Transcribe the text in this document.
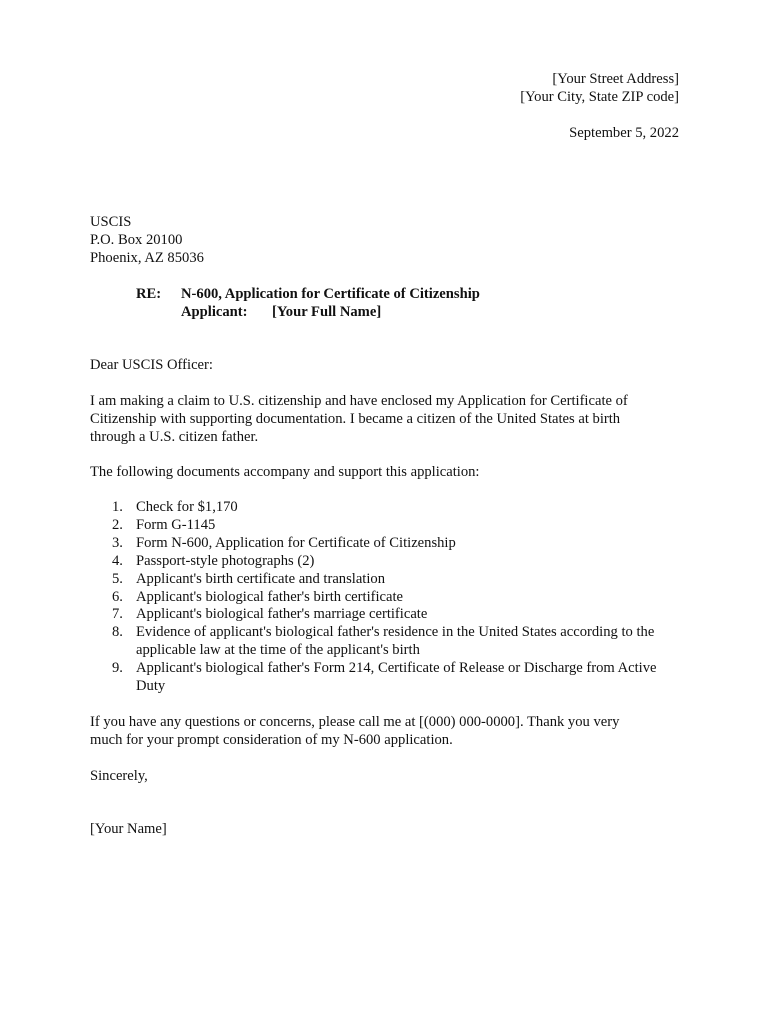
[Your Street Address]
[Your City, State ZIP code]
September 5, 2022
USCIS
P.O. Box 20100
Phoenix, AZ 85036
RE: N-600, Application for Certificate of Citizenship
Applicant: [Your Full Name]
Dear USCIS Officer:
I am making a claim to U.S. citizenship and have enclosed my Application for Certificate of
Citizenship with supporting documentation. I became a citizen of the United States at birth
through a U.S. citizen father.
The following documents accompany and support this application:
1. Check for $1,170
2. Form G-1145
3. Form N-600, Application for Certificate of Citizenship
4. Passport-style photographs (2)
5. Applicant's birth certificate and translation
6. Applicant's biological father's birth certificate
7. Applicant's biological father's marriage certificate
8. Evidence of applicant's biological father's residence in the United States according to the applicable law at the time of the applicant's birth
9. Applicant's biological father's Form 214, Certificate of Release or Discharge from Active Duty
If you have any questions or concerns, please call me at [(000) 000-0000]. Thank you very
much for your prompt consideration of my N-600 application.
Sincerely,
[Your Name]
